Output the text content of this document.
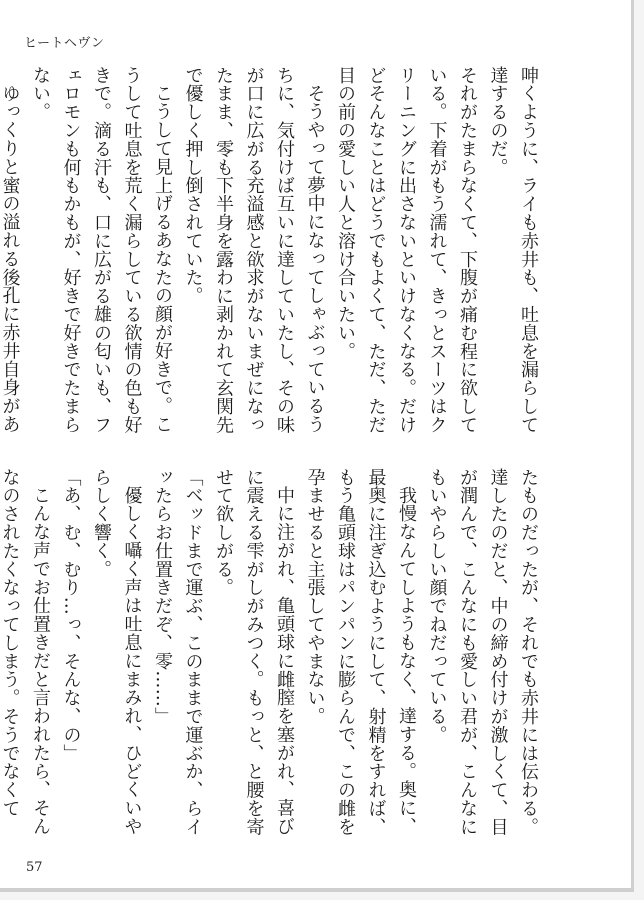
ヒートヘヴン

呻くように、ライも赤井も、吐息を漏らして達するのだ。

それがたまらなくて、下腹が痛む程に欲している。下着がもう濡れて、きっとスーツはクリーニングに出さないといけなくなる。だけどそんなことはどうでもよくて、ただ、ただ目の前の愛しい人と溶け合いたい。

そうやって夢中になってしゃぶっているうちに、気付けば互いに達していたし、その味が口に広がる充溢感と欲求がないまぜになったまま、零も下半身を露わに剥かれて玄関先で優しく押し倒されていた。

こうして見上げるあなたの顔が好きで。こうして吐息を荒く漏らしている欲情の色も好きで。滴る汗も、口に広がる雄の匂いも、フェロモンも何もかもが、好きで好きでたまらない。

ゆっくりと蜜の溢れる後孔に赤井自身があ

たものだったが、それでも赤井には伝わる。達したのだと、中の締め付けが激しくて、目が潤んで、こんなにも愛しい君が、こんなにもいやらしい顔でねだっている。

我慢なんてしようもなく、達する。奥に、最奥に注ぎ込むようにして、射精をすれば、もう亀頭球はパンパンに膨らんで、この雌を孕ませると主張してやまない。

中に注がれ、亀頭球に雌膣を塞がれ、喜びに震える雫がしがみつく。もっと、と腰を寄せて欲しがる。

「ベッドまで運ぶ、このままで運ぶか、らイッたらお仕置きだぞ、零……」

優しく囁く声は吐息にまみれ、ひどくいやらしく響く。

「あ、む、むり…っ、そんな、の」

こんな声でお仕置きだと言われたら、そんなのされたくなってしまう。そうでなくて

57
